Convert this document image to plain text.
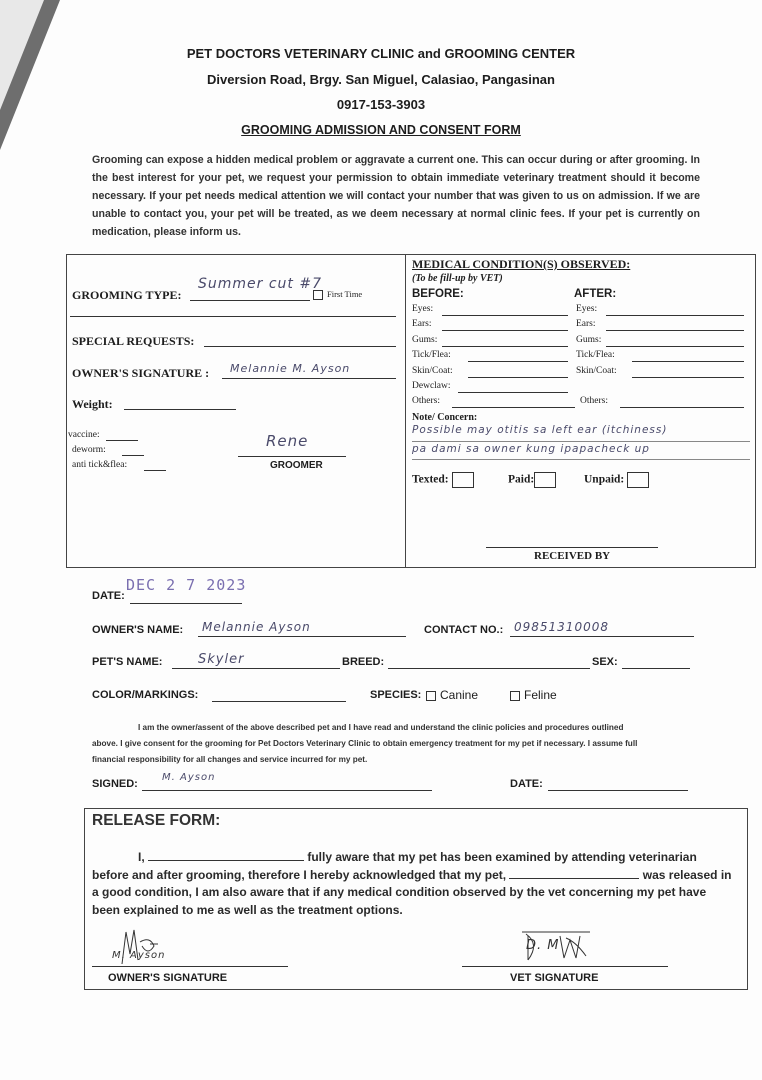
PET DOCTORS VETERINARY CLINIC and GROOMING CENTER
Diversion Road, Brgy. San Miguel, Calasiao, Pangasinan
0917-153-3903
GROOMING ADMISSION AND CONSENT FORM
Grooming can expose a hidden medical problem or aggravate a current one. This can occur during or after grooming. In the best interest for your pet, we request your permission to obtain immediate veterinary treatment should it become necessary. If your pet needs medical attention we will contact your number that was given to us on admission. If we are unable to contact you, your pet will be treated, as we deem necessary at normal clinic fees. If your pet is currently on medication, please inform us.
GROOMING TYPE:
Summer cut #7
First Time
SPECIAL REQUESTS:
OWNER'S SIGNATURE : Melannie M. Ayson
Weight:
vaccine:
deworm:
anti tick&flea:
Rene
GROOMER
MEDICAL CONDITION(S) OBSERVED:
(To be fill-up by VET)
BEFORE:	AFTER:
Eyes:	Eyes:
Ears:	Ears:
Gums:	Gums:
Tick/Flea:	Tick/Flea:
Skin/Coat:	Skin/Coat:
Dewclaw:
Others:	Others:
Note/ Concern:
Possible may otitis sa left ear (itchiness)
pa dami sa owner kung ipapacheck up
Texted:	Paid:	Unpaid:
RECEIVED BY
DEC 2 7 2023
DATE:
OWNER'S NAME: Melannie Ayson	CONTACT NO.: 09851310008
PET'S NAME:	Skyler	BREED:	SEX:
COLOR/MARKINGS:	SPECIES:	Canine	Feline
I am the owner/assent of the above described pet and I have read and understand the clinic policies and procedures outlined
above. I give consent for the grooming for Pet Doctors Veterinary Clinic to obtain emergency treatment for my pet if necessary. I assume full
financial responsibility for all changes and service incurred for my pet.
SIGNED:
M. Ayson
DATE:
RELEASE FORM:
I,	fully aware that my pet has been examined by attending veterinarian
before and after grooming, therefore I hereby acknowledged that my pet,	was released in
a good condition, I am also aware that if any medical condition observed by the vet concerning my pet have
been explained to me as well as the treatment options.
M. Ayson
OWNER'S SIGNATURE
D. M
VET SIGNATURE
